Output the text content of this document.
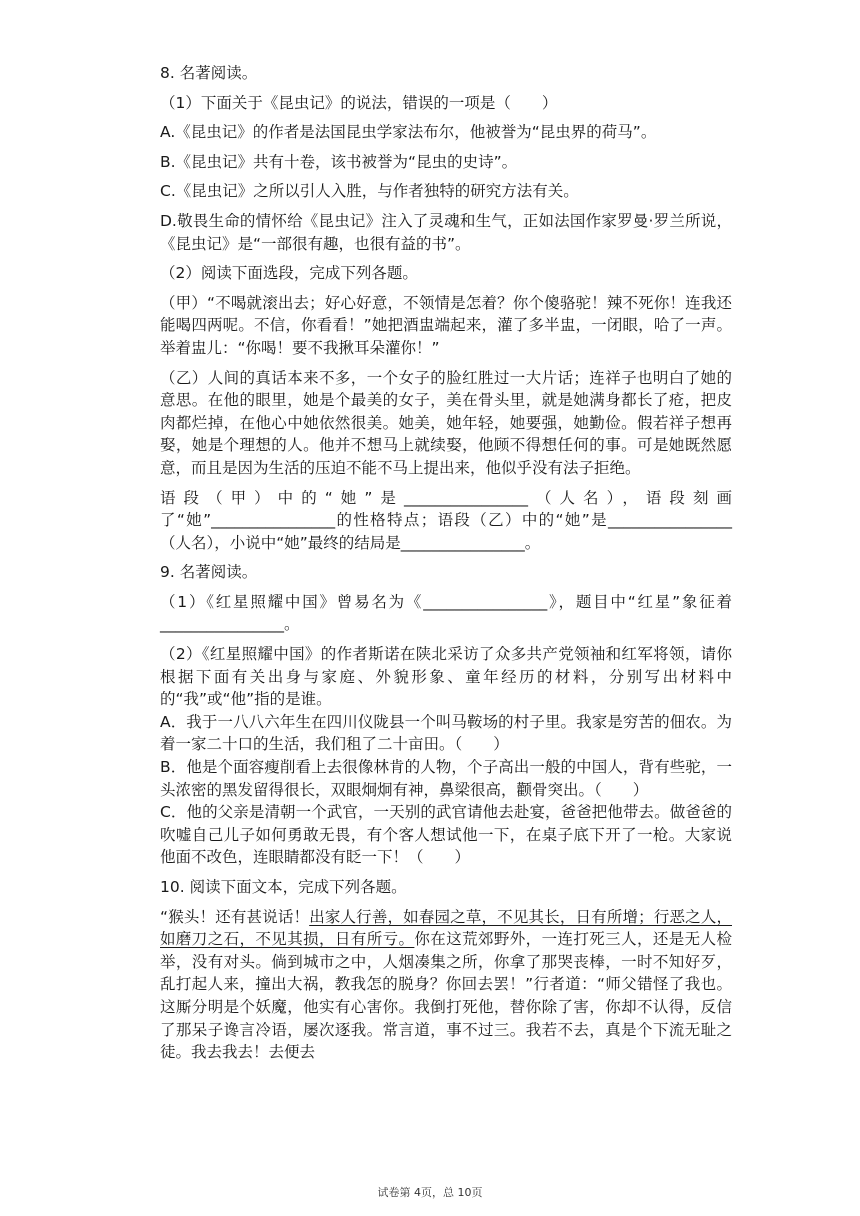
8. 名著阅读。

（1）下面关于《昆虫记》的说法，错误的一项是（　　）

A.《昆虫记》的作者是法国昆虫学家法布尔，他被誉为“昆虫界的荷马”。

B.《昆虫记》共有十卷，该书被誉为“昆虫的史诗”。

C.《昆虫记》之所以引人入胜，与作者独特的研究方法有关。

D.敬畏生命的情怀给《昆虫记》注入了灵魂和生气，正如法国作家罗曼·罗兰所说，《昆虫记》是“一部很有趣，也很有益的书”。

（2）阅读下面选段，完成下列各题。

（甲）“不喝就滚出去；好心好意，不领情是怎着？你个傻骆驼！辣不死你！连我还能喝四两呢。不信，你看看！”她把酒盅端起来，灌了多半盅，一闭眼，哈了一声。举着盅儿：“你喝！要不我揪耳朵灌你！”

（乙）人间的真话本来不多，一个女子的脸红胜过一大片话；连祥子也明白了她的意思。在他的眼里，她是个最美的女子，美在骨头里，就是她满身都长了疮，把皮肉都烂掉，在他心中她依然很美。她美，她年轻，她要强，她勤俭。假若祥子想再娶，她是个理想的人。他并不想马上就续娶，他顾不得想任何的事。可是她既然愿意，而且是因为生活的压迫不能不马上提出来，他似乎没有法子拒绝。

语段（甲）中的“她”是________________（人名），语段刻画了“她”________________的性格特点；语段（乙）中的“她”是________________（人名），小说中“她”最终的结局是________________。

9. 名著阅读。

（1）《红星照耀中国》曾易名为《________________》，题目中“红星”象征着________________。

（2）《红星照耀中国》的作者斯诺在陕北采访了众多共产党领袖和红军将领，请你根据下面有关出身与家庭、外貌形象、童年经历的材料，分别写出材料中的“我”或“他”指的是谁。

A．我于一八八六年生在四川仪陇县一个叫马鞍场的村子里。我家是穷苦的佃农。为着一家二十口的生活，我们租了二十亩田。（　　）

B．他是个面容瘦削看上去很像林肯的人物，个子高出一般的中国人，背有些驼，一头浓密的黑发留得很长，双眼炯炯有神，鼻梁很高，颧骨突出。（　　）

C．他的父亲是清朝一个武官，一天别的武官请他去赴宴，爸爸把他带去。做爸爸的吹嘘自己儿子如何勇敢无畏，有个客人想试他一下，在桌子底下开了一枪。大家说他面不改色，连眼睛都没有眨一下！（　　）

10. 阅读下面文本，完成下列各题。

“猴头！还有甚说话！出家人行善，如春园之草，不见其长，日有所增；行恶之人，如磨刀之石，不见其损，日有所亏。你在这荒郊野外，一连打死三人，还是无人检举，没有对头。倘到城市之中，人烟凑集之所，你拿了那哭丧棒，一时不知好歹，乱打起人来，撞出大祸，教我怎的脱身？你回去罢！”行者道：“师父错怪了我也。这厮分明是个妖魔，他实有心害你。我倒打死他，替你除了害，你却不认得，反信了那呆子谗言冷语，屡次逐我。常言道，事不过三。我若不去，真是个下流无耻之徒。我去我去！去便去

试卷第 4页，总 10页
